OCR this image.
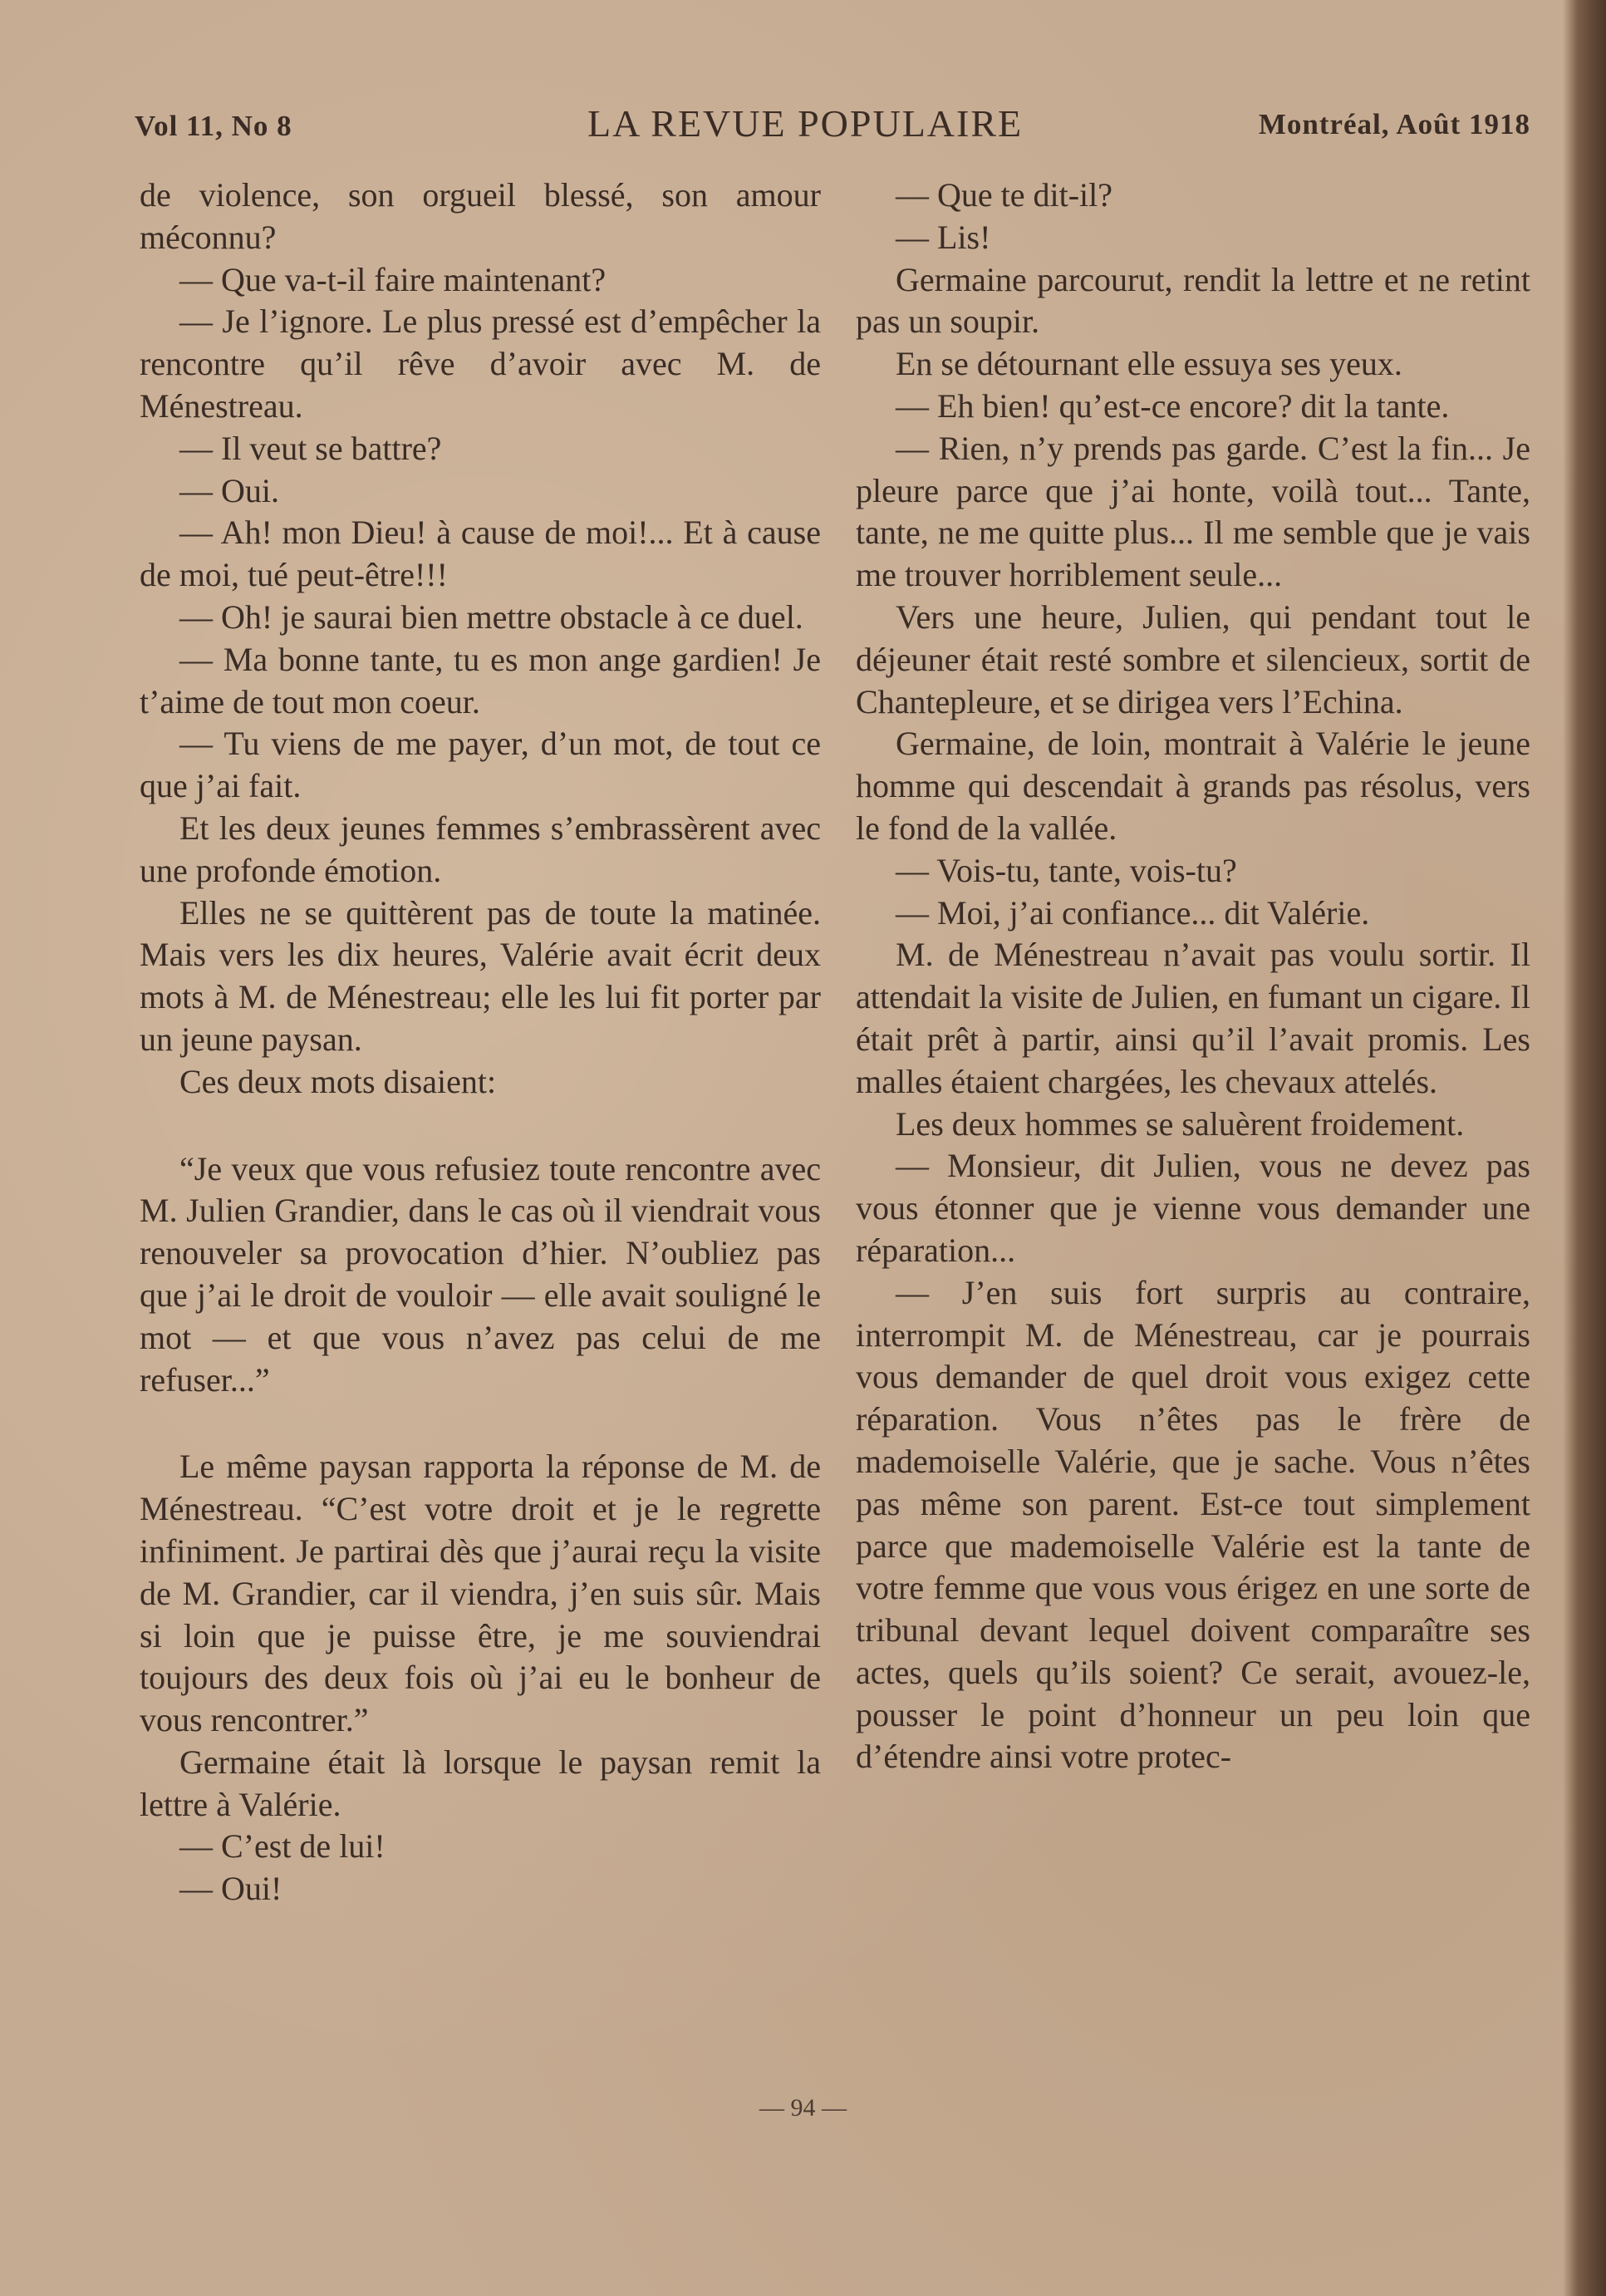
Vol 11, No 8	LA REVUE POPULAIRE	Montréal, Août 1918

de violence, son orgueil blessé, son amour méconnu?

— Que va-t-il faire maintenant?

— Je l’ignore. Le plus pressé est d’empêcher la rencontre qu’il rêve d’avoir avec M. de Ménestreau.

— Il veut se battre?

— Oui.

— Ah! mon Dieu! à cause de moi!... Et à cause de moi, tué peut-être!!!

— Oh! je saurai bien mettre obstacle à ce duel.

— Ma bonne tante, tu es mon ange gardien! Je t’aime de tout mon coeur.

— Tu viens de me payer, d’un mot, de tout ce que j’ai fait.

Et les deux jeunes femmes s’embrassèrent avec une profonde émotion.

Elles ne se quittèrent pas de toute la matinée. Mais vers les dix heures, Valérie avait écrit deux mots à M. de Ménestreau; elle les lui fit porter par un jeune paysan.

Ces deux mots disaient:

“Je veux que vous refusiez toute rencontre avec M. Julien Grandier, dans le cas où il viendrait vous renouveler sa provocation d’hier. N’oubliez pas que j’ai le droit de vouloir — elle avait souligné le mot — et que vous n’avez pas celui de me refuser...”

Le même paysan rapporta la réponse de M. de Ménestreau. “C’est votre droit et je le regrette infiniment. Je partirai dès que j’aurai reçu la visite de M. Grandier, car il viendra, j’en suis sûr. Mais si loin que je puisse être, je me souviendrai toujours des deux fois où j’ai eu le bonheur de vous rencontrer.”

Germaine était là lorsque le paysan remit la lettre à Valérie.

— C’est de lui!

— Oui!

— Que te dit-il?

— Lis!

Germaine parcourut, rendit la lettre et ne retint pas un soupir.

En se détournant elle essuya ses yeux.

— Eh bien! qu’est-ce encore? dit la tante.

— Rien, n’y prends pas garde. C’est la fin... Je pleure parce que j’ai honte, voilà tout... Tante, tante, ne me quitte plus... Il me semble que je vais me trouver horriblement seule...

Vers une heure, Julien, qui pendant tout le déjeuner était resté sombre et silencieux, sortit de Chantepleure, et se dirigea vers l’Echina.

Germaine, de loin, montrait à Valérie le jeune homme qui descendait à grands pas résolus, vers le fond de la vallée.

— Vois-tu, tante, vois-tu?

— Moi, j’ai confiance... dit Valérie.

M. de Ménestreau n’avait pas voulu sortir. Il attendait la visite de Julien, en fumant un cigare. Il était prêt à partir, ainsi qu’il l’avait promis. Les malles étaient chargées, les chevaux attelés.

Les deux hommes se saluèrent froidement.

— Monsieur, dit Julien, vous ne devez pas vous étonner que je vienne vous demander une réparation...

— J’en suis fort surpris au contraire, interrompit M. de Ménestreau, car je pourrais vous demander de quel droit vous exigez cette réparation. Vous n’êtes pas le frère de mademoiselle Valérie, que je sache. Vous n’êtes pas même son parent. Est-ce tout simplement parce que mademoiselle Valérie est la tante de votre femme que vous vous érigez en une sorte de tribunal devant lequel doivent comparaître ses actes, quels qu’ils soient? Ce serait, avouez-le, pousser le point d’honneur un peu loin que d’étendre ainsi votre protec-

— 94 —
